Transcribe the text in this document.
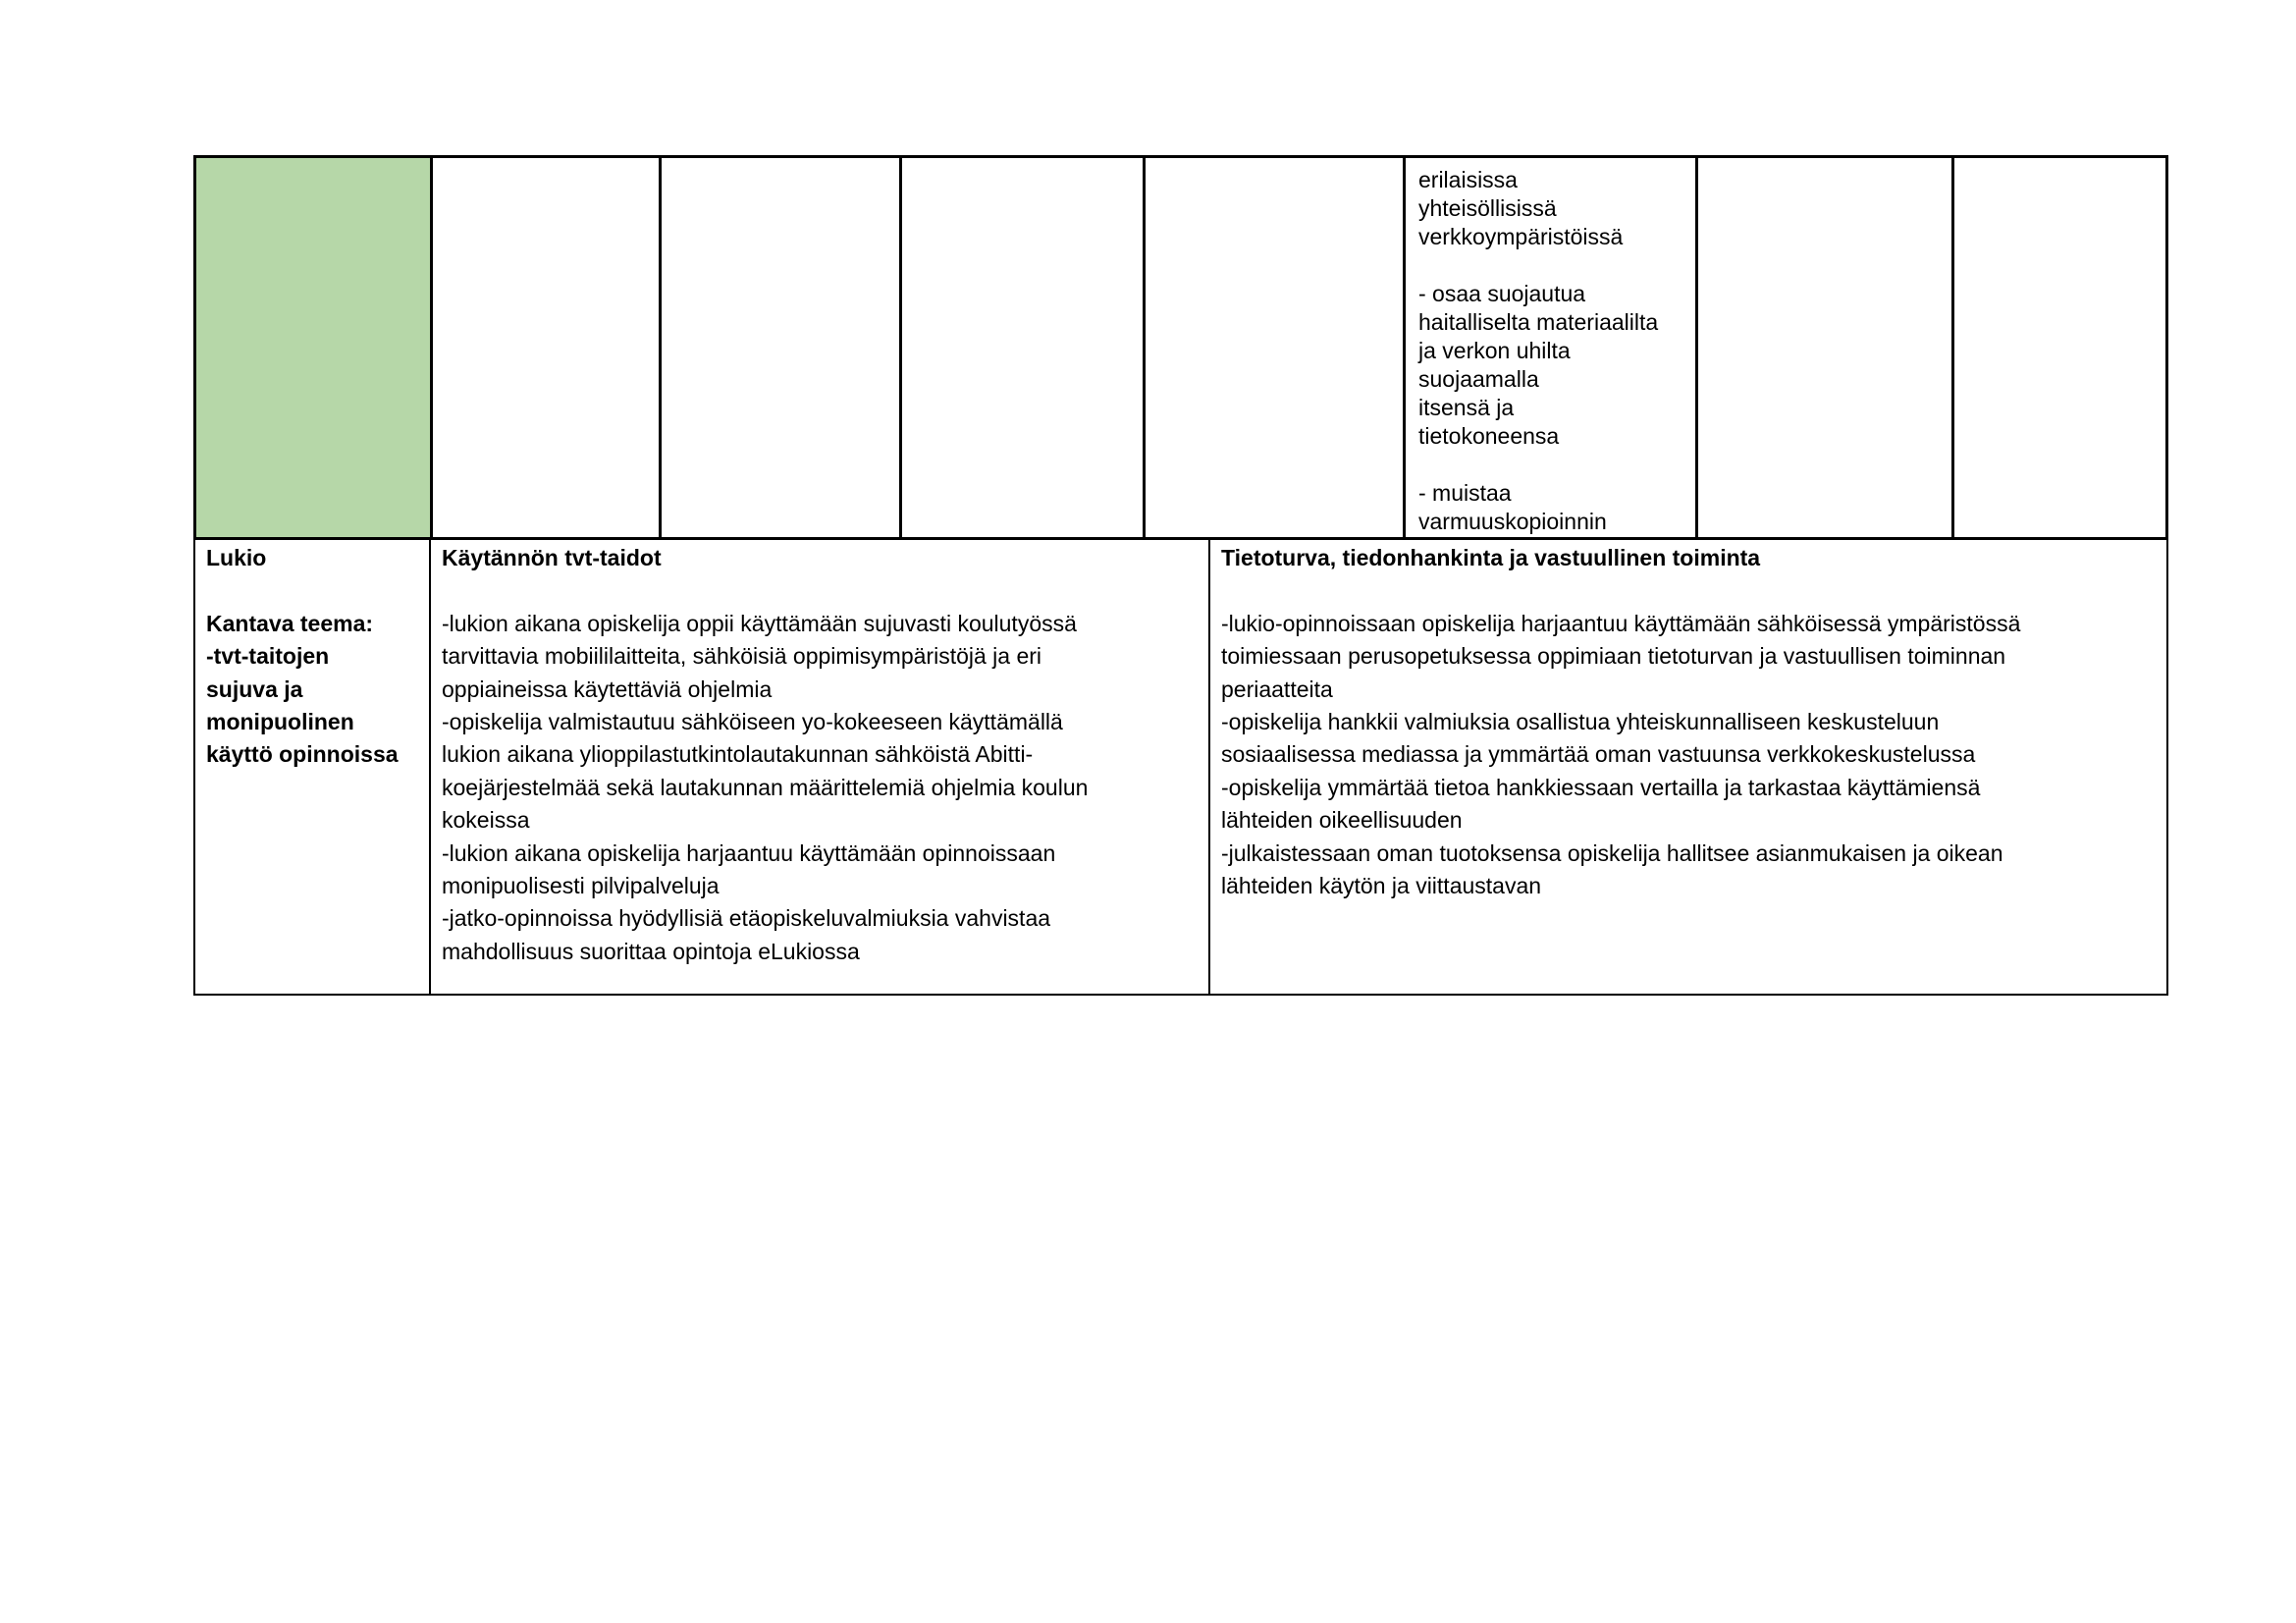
erilaisissa
yhteisöllisissä
verkkoympäristöissä

- osaa suojautua
haitalliselta materiaalilta
ja verkon uhilta
suojaamalla
itsensä ja
tietokoneensa

- muistaa
varmuuskopioinnin
Lukio
Kantava teema:
-tvt-taitojen
sujuva ja
monipuolinen
käyttö opinnoissa
Käytännön tvt-taidot
-lukion aikana opiskelija oppii käyttämään sujuvasti koulutyössä
tarvittavia mobiililaitteita, sähköisiä oppimisympäristöjä ja eri
oppiaineissa käytettäviä ohjelmia
-opiskelija valmistautuu sähköiseen yo-kokeeseen käyttämällä
lukion aikana ylioppilastutkintolautakunnan sähköistä Abitti-
koejärjestelmää sekä lautakunnan määrittelemiä ohjelmia koulun
kokeissa
-lukion aikana opiskelija harjaantuu käyttämään opinnoissaan
monipuolisesti pilvipalveluja
-jatko-opinnoissa hyödyllisiä etäopiskeluvalmiuksia vahvistaa
mahdollisuus suorittaa opintoja eLukiossa
Tietoturva, tiedonhankinta ja vastuullinen toiminta
-lukio-opinnoissaan opiskelija harjaantuu käyttämään sähköisessä ympäristössä
toimiessaan perusopetuksessa oppimiaan tietoturvan ja vastuullisen toiminnan
periaatteita
-opiskelija hankkii valmiuksia osallistua yhteiskunnalliseen keskusteluun
sosiaalisessa mediassa ja ymmärtää oman vastuunsa verkkokeskustelussa
-opiskelija ymmärtää tietoa hankkiessaan vertailla ja tarkastaa käyttämiensä
lähteiden oikeellisuuden
-julkaistessaan oman tuotoksensa opiskelija hallitsee asianmukaisen ja oikean
lähteiden käytön ja viittaustavan
